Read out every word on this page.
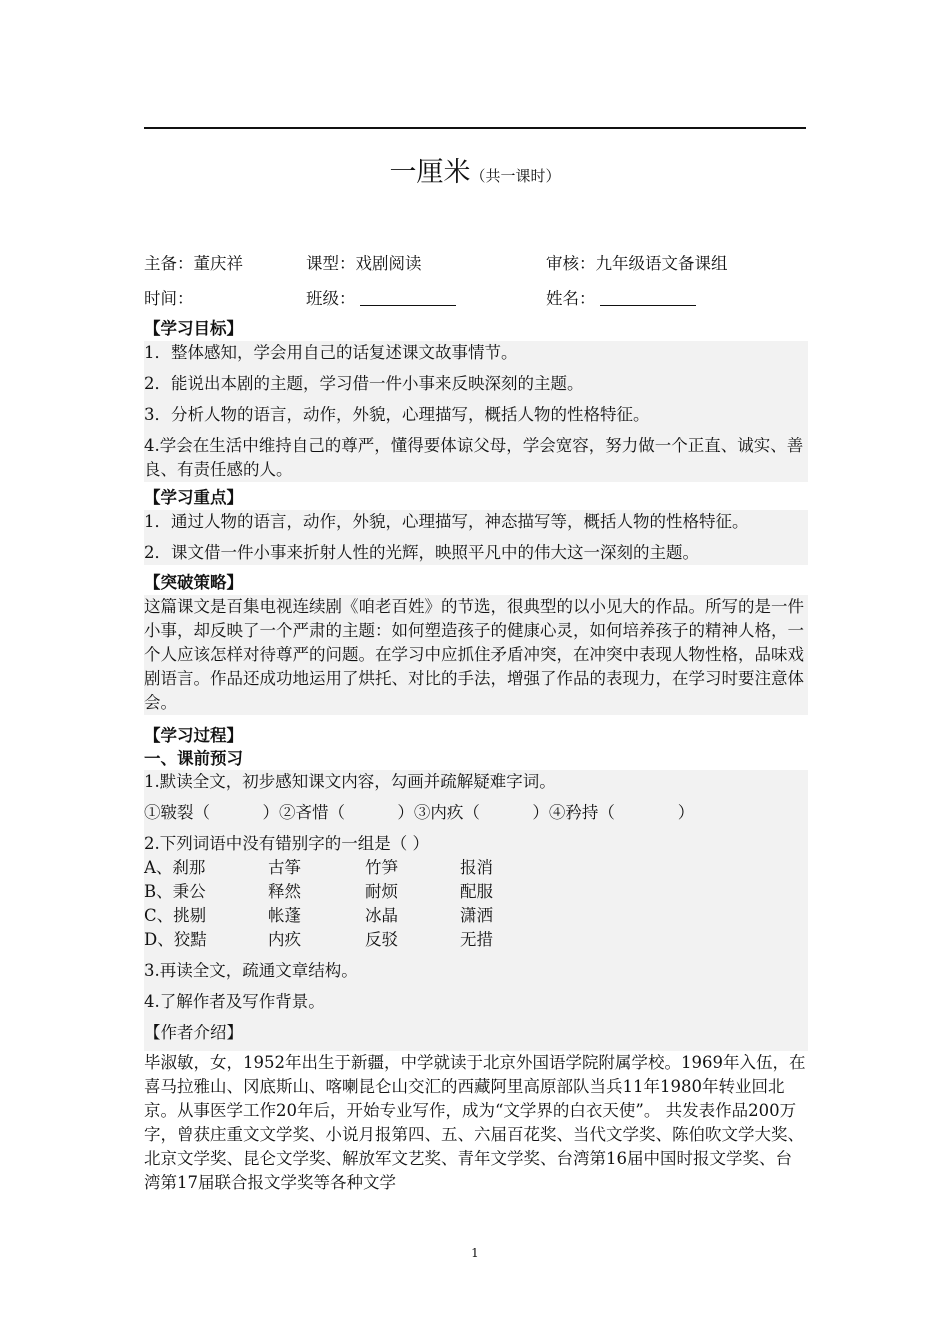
一厘米（共一课时）
主备：董庆祥	课型：戏剧阅读	审核：九年级语文备课组
时间：	班级：	姓名：
【学习目标】

1．整体感知，学会用自己的话复述课文故事情节。

2．能说出本剧的主题，学习借一件小事来反映深刻的主题。

3．分析人物的语言，动作，外貌，心理描写，概括人物的性格特征。

4.学会在生活中维持自己的尊严，懂得要体谅父母，学会宽容，努力做一个正直、诚实、善良、有责任感的人。

【学习重点】

1．通过人物的语言，动作，外貌，心理描写，神态描写等，概括人物的性格特征。

2．课文借一件小事来折射人性的光辉，映照平凡中的伟大这一深刻的主题。

【突破策略】

这篇课文是百集电视连续剧《咱老百姓》的节选，很典型的以小见大的作品。所写的是一件小事，却反映了一个严肃的主题：如何塑造孩子的健康心灵，如何培养孩子的精神人格，一个人应该怎样对待尊严的问题。在学习中应抓住矛盾冲突，在冲突中表现人物性格，品味戏剧语言。作品还成功地运用了烘托、对比的手法，增强了作品的表现力，在学习时要注意体会。

【学习过程】
一、课前预习

1.默读全文，初步感知课文内容，勾画并疏解疑难字词。

①皲裂（          ）②吝惜（          ）③内疚（          ）④矜持（            ）

2.下列词语中没有错别字的一组是（ ）

A、刹那	古筝	竹笋	报消
B、秉公	释然	耐烦	配服
C、挑剔	帐蓬	冰晶	潇洒
D、狡黠	内疚	反驳	无措

3.再读全文，疏通文章结构。

4.了解作者及写作背景。

【作者介绍】

毕淑敏，女，1952年出生于新疆，中学就读于北京外国语学院附属学校。1969年入伍，在喜马拉雅山、冈底斯山、喀喇昆仑山交汇的西藏阿里高原部队当兵11年1980年转业回北京。从事医学工作20年后，开始专业写作，成为“文学界的白衣天使”。 共发表作品200万字，曾获庄重文文学奖、小说月报第四、五、六届百花奖、当代文学奖、陈伯吹文学大奖、北京文学奖、昆仑文学奖、解放军文艺奖、青年文学奖、台湾第16届中国时报文学奖、台湾第17届联合报文学奖等各种文学

1
